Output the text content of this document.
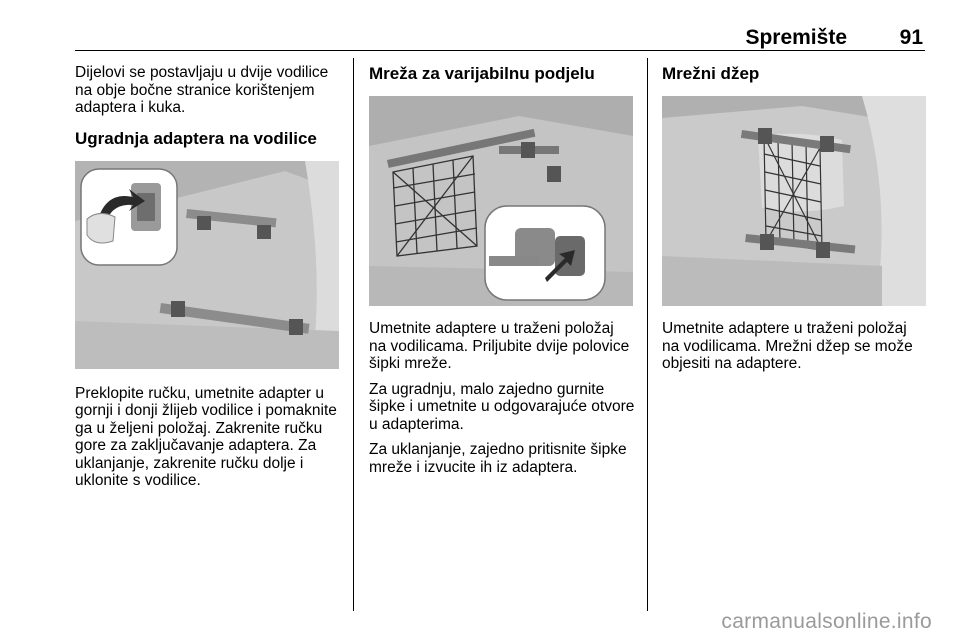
Spremište	91

Dijelovi se postavljaju u dvije vodilice na obje bočne stranice korištenjem adaptera i kuka.

Ugradnja adaptera na vodilice

Preklopite ručku, umetnite adapter u gornji i donji žlijeb vodilice i pomaknite ga u željeni položaj. Zakrenite ručku gore za zaključavanje adaptera. Za uklanjanje, zakrenite ručku dolje i uklonite s vodilice.

Mreža za varijabilnu podjelu

Umetnite adaptere u traženi položaj na vodilicama. Priljubite dvije polovice šipki mreže.

Za ugradnju, malo zajedno gurnite šipke i umetnite u odgovarajuće otvore u adapterima.

Za uklanjanje, zajedno pritisnite šipke mreže i izvucite ih iz adaptera.

Mrežni džep

Umetnite adaptere u traženi položaj na vodilicama. Mrežni džep se može objesiti na adaptere.

carmanualsonline.info
